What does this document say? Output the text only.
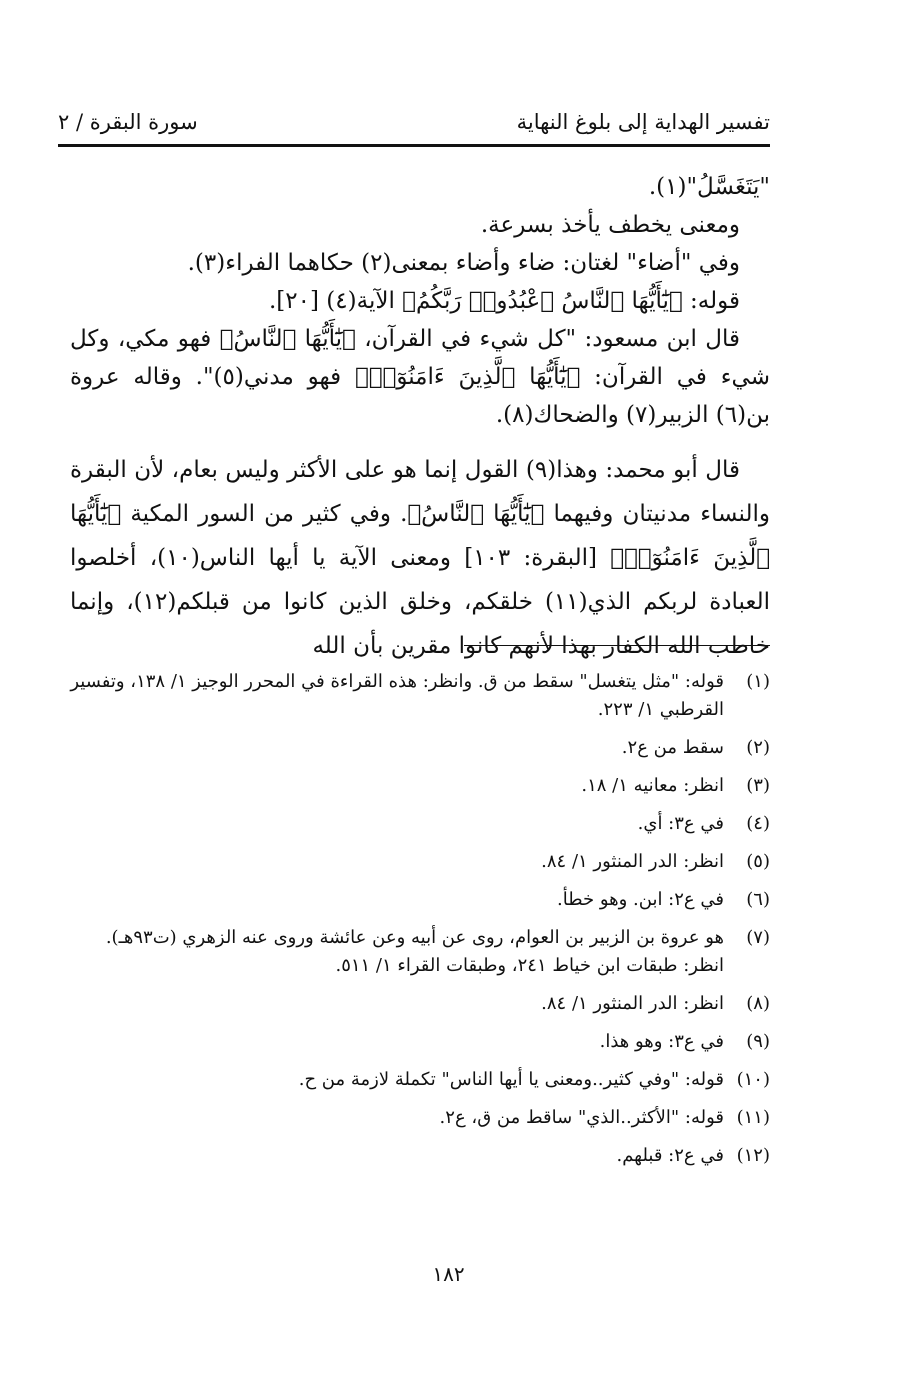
تفسير الهداية إلى بلوغ النهاية
سورة البقرة / ٢

"يَتَغَسَّلُ"(١).

ومعنى يخطف يأخذ بسرعة.

وفي "أضاء" لغتان: ضاء وأضاء بمعنى(٢) حكاهما الفراء(٣).

قوله: ﴿يَٰٓأَيُّهَا ٱلنَّاسُ ٱعْبُدُوا۟ رَبَّكُمُ﴾ الآية(٤) [٢٠].

قال ابن مسعود: "كل شيء في القرآن، ﴿يَٰٓأَيُّهَا ٱلنَّاسُ﴾ فهو مكي، وكل شيء في القرآن: ﴿يَٰٓأَيُّهَا ٱلَّذِينَ ءَامَنُوٓا۟﴾ فهو مدني(٥)". وقاله عروة بن(٦) الزبير(٧) والضحاك(٨).

قال أبو محمد: وهذا(٩) القول إنما هو على الأكثر وليس بعام، لأن البقرة والنساء مدنيتان وفيهما ﴿يَٰٓأَيُّهَا ٱلنَّاسُ﴾. وفي كثير من السور المكية ﴿يَٰٓأَيُّهَا ٱلَّذِينَ ءَامَنُوٓا۟﴾ [البقرة: ١٠٣] ومعنى الآية يا أيها الناس(١٠)، أخلصوا العبادة لربكم الذي(١١) خلقكم، وخلق الذين كانوا من قبلكم(١٢)، وإنما خاطب الله الكفار بهذا لأنهم كانوا مقرين بأن الله

(١)
قوله: "مثل يتغسل" سقط من ق. وانظر: هذه القراءة في المحرر الوجيز ١/ ١٣٨، وتفسير القرطبي ١/ ٢٢٣.
(٢)
سقط من ع٢.
(٣)
انظر: معانيه ١/ ١٨.
(٤)
في ع٣: أي.
(٥)
انظر: الدر المنثور ١/ ٨٤.
(٦)
في ع٢: ابن. وهو خطأ.
(٧)
هو عروة بن الزبير بن العوام، روى عن أبيه وعن عائشة وروى عنه الزهري (ت٩٣هـ). انظر: طبقات ابن خياط ٢٤١، وطبقات القراء ١/ ٥١١.
(٨)
انظر: الدر المنثور ١/ ٨٤.
(٩)
في ع٣: وهو هذا.
(١٠)
قوله: "وفي كثير..ومعنى يا أيها الناس" تكملة لازمة من ح.
(١١)
قوله: "الأكثر..الذي" ساقط من ق، ع٢.
(١٢)
في ع٢: قبلهم.
١٨٢
